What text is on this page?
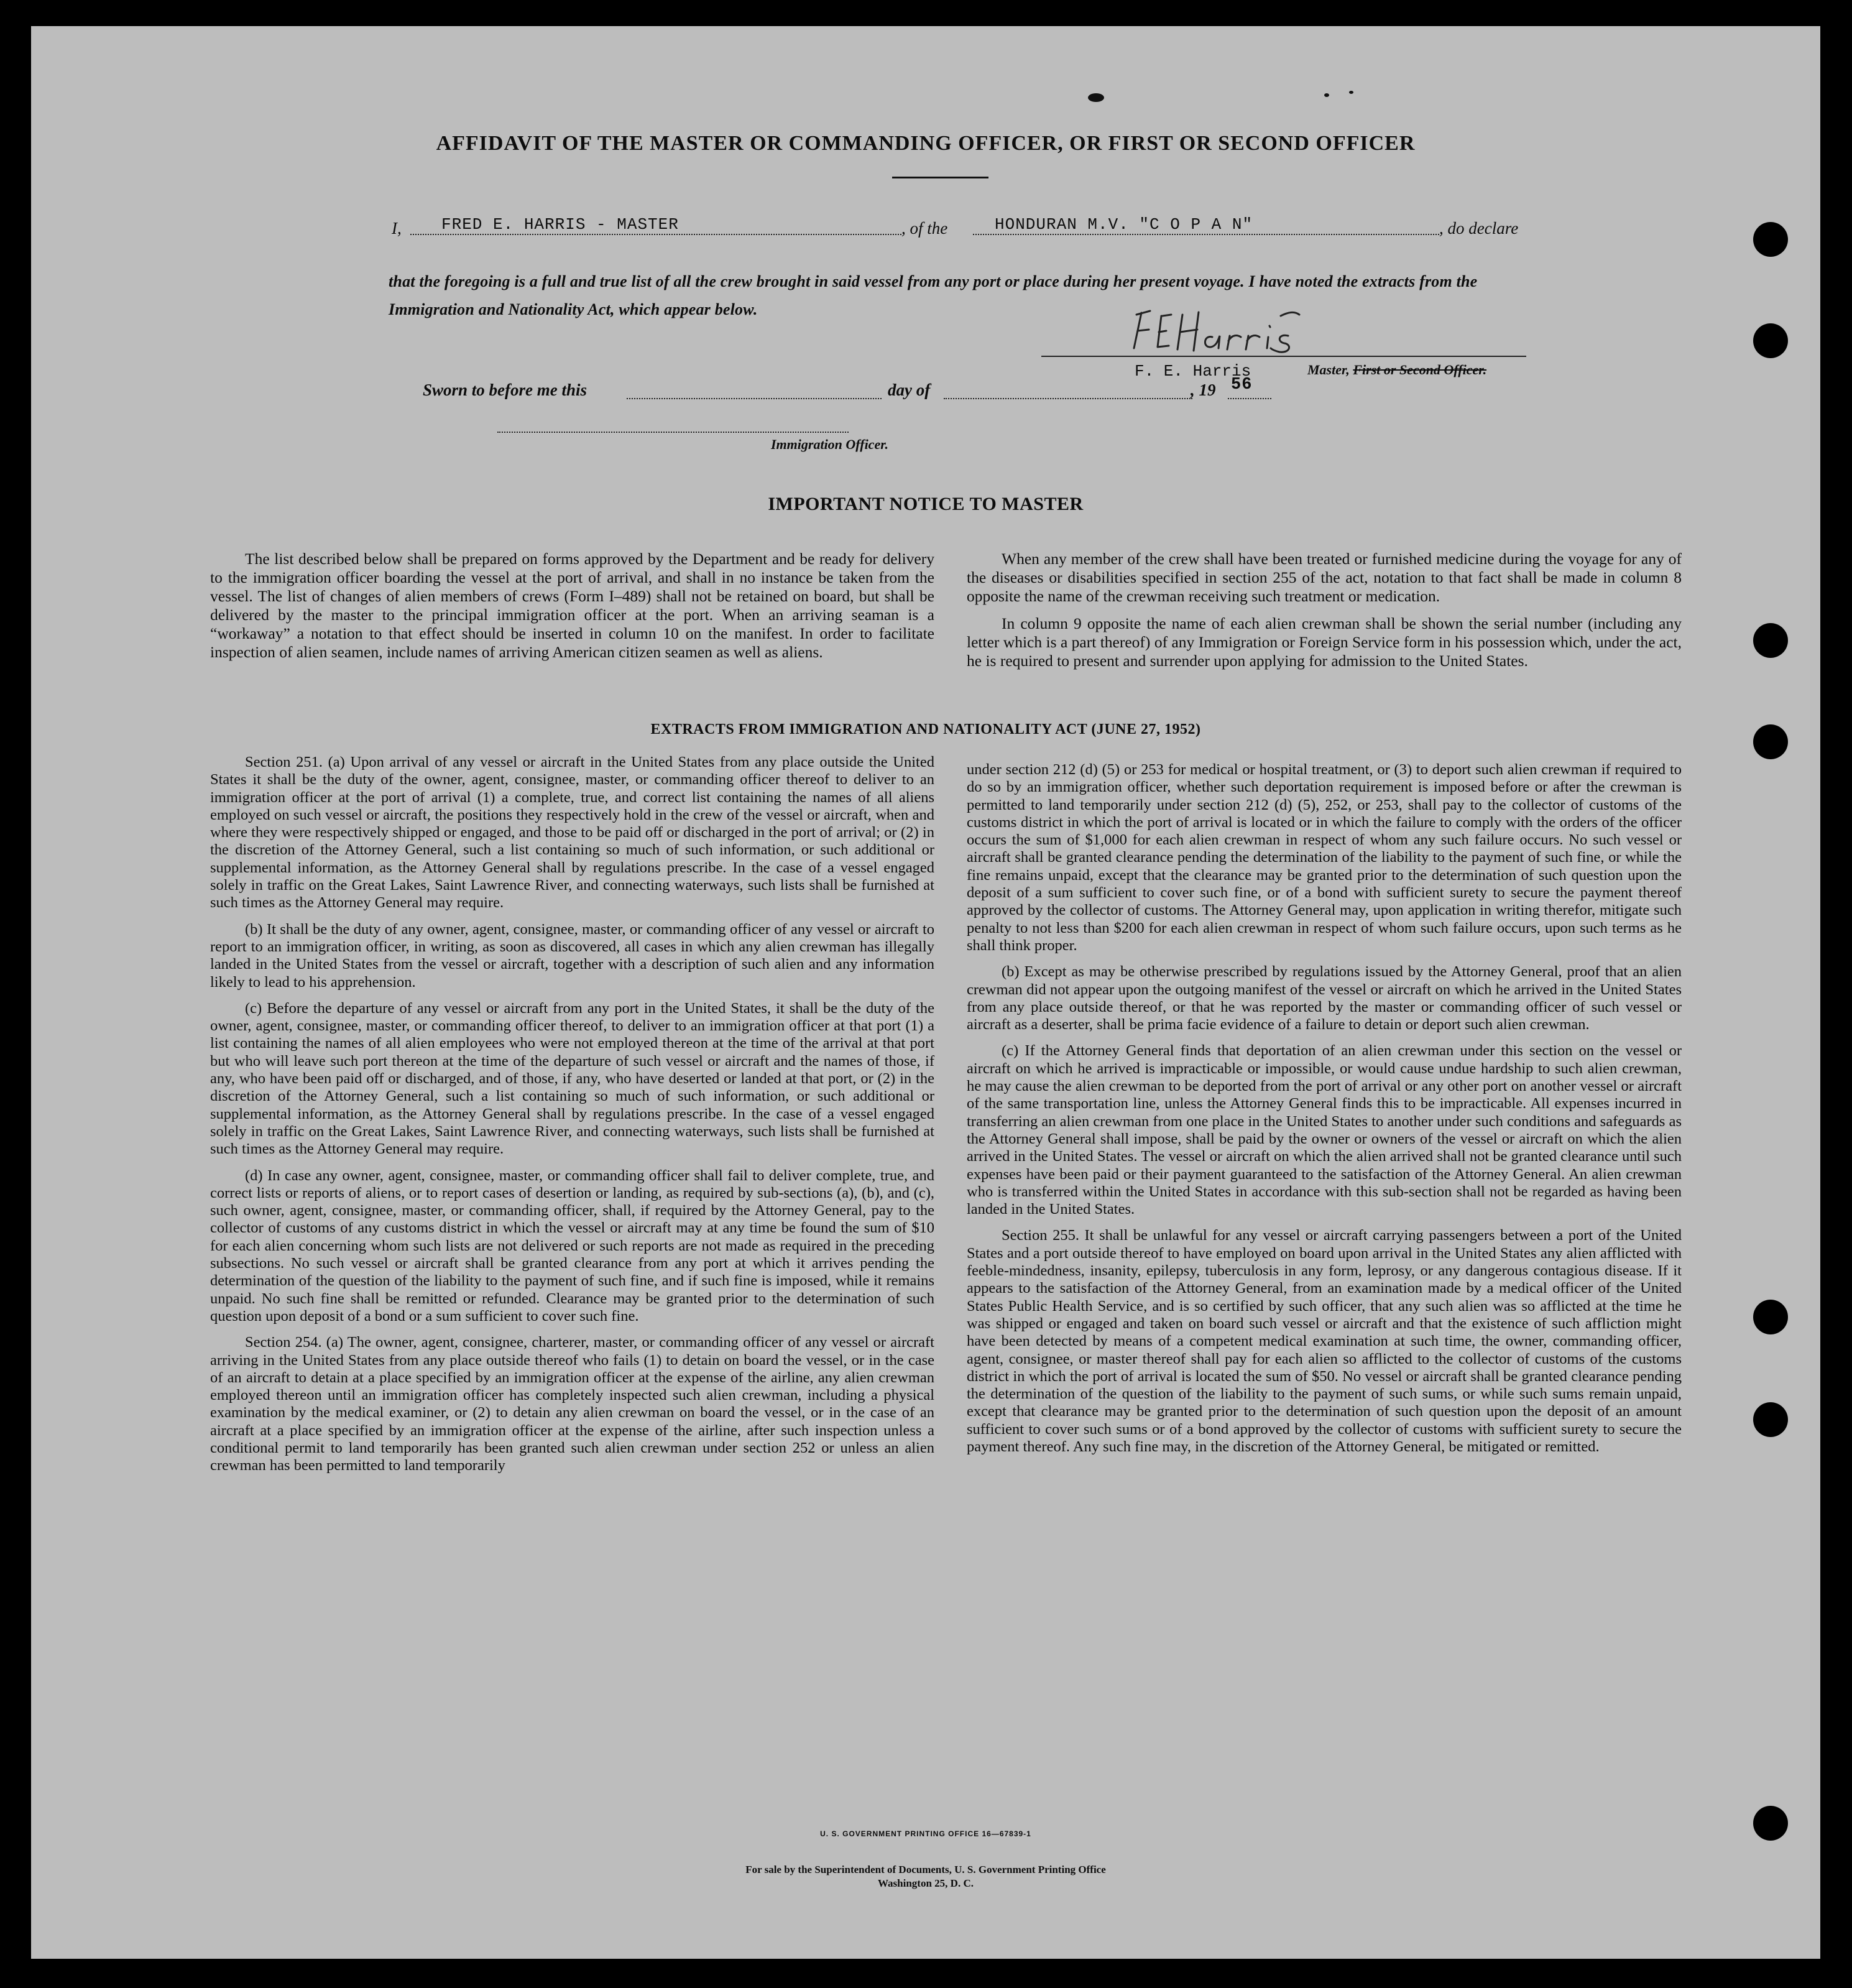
AFFIDAVIT OF THE MASTER OR COMMANDING OFFICER, OR FIRST OR SECOND OFFICER
I, FRED E. HARRIS - MASTER	, of the	HONDURAN M.V. "C O P A N"	, do declare
that the foregoing is a full and true list of all the crew brought in said vessel from any port or place during her present voyage. I have noted the extracts from the Immigration and Nationality Act, which appear below.
F. E. Harris	Master, First or Second Officer.
Sworn to before me this	day of	, 19 56
Immigration Officer.
IMPORTANT NOTICE TO MASTER

The list described below shall be prepared on forms approved by the Department and be ready for delivery to the immigration officer boarding the vessel at the port of arrival, and shall in no instance be taken from the vessel. The list of changes of alien members of crews (Form I–489) shall not be retained on board, but shall be delivered by the master to the principal immigration officer at the port. When an arriving seaman is a “workaway” a notation to that effect should be inserted in column 10 on the manifest. In order to facilitate inspection of alien seamen, include names of arriving American citizen seamen as well as aliens.

When any member of the crew shall have been treated or furnished medicine during the voyage for any of the diseases or disabilities specified in section 255 of the act, notation to that fact shall be made in column 8 opposite the name of the crewman receiving such treatment or medication.

In column 9 opposite the name of each alien crewman shall be shown the serial number (including any letter which is a part thereof) of any Immigration or Foreign Service form in his possession which, under the act, he is required to present and surrender upon applying for admission to the United States.

EXTRACTS FROM IMMIGRATION AND NATIONALITY ACT (JUNE 27, 1952)

Section 251. (a) Upon arrival of any vessel or aircraft in the United States from any place outside the United States it shall be the duty of the owner, agent, consignee, master, or commanding officer thereof to deliver to an immigration officer at the port of arrival (1) a complete, true, and correct list containing the names of all aliens employed on such vessel or aircraft, the positions they respectively hold in the crew of the vessel or aircraft, when and where they were respectively shipped or engaged, and those to be paid off or discharged in the port of arrival; or (2) in the discretion of the Attorney General, such a list containing so much of such information, or such additional or supplemental information, as the Attorney General shall by regulations prescribe. In the case of a vessel engaged solely in traffic on the Great Lakes, Saint Lawrence River, and connecting waterways, such lists shall be furnished at such times as the Attorney General may require.

(b) It shall be the duty of any owner, agent, consignee, master, or commanding officer of any vessel or aircraft to report to an immigration officer, in writing, as soon as discovered, all cases in which any alien crewman has illegally landed in the United States from the vessel or aircraft, together with a description of such alien and any information likely to lead to his apprehension.

(c) Before the departure of any vessel or aircraft from any port in the United States, it shall be the duty of the owner, agent, consignee, master, or commanding officer thereof, to deliver to an immigration officer at that port (1) a list containing the names of all alien employees who were not employed thereon at the time of the arrival at that port but who will leave such port thereon at the time of the departure of such vessel or aircraft and the names of those, if any, who have been paid off or discharged, and of those, if any, who have deserted or landed at that port, or (2) in the discretion of the Attorney General, such a list containing so much of such information, or such additional or supplemental information, as the Attorney General shall by regulations prescribe. In the case of a vessel engaged solely in traffic on the Great Lakes, Saint Lawrence River, and connecting waterways, such lists shall be furnished at such times as the Attorney General may require.

(d) In case any owner, agent, consignee, master, or commanding officer shall fail to deliver complete, true, and correct lists or reports of aliens, or to report cases of desertion or landing, as required by sub-sections (a), (b), and (c), such owner, agent, consignee, master, or commanding officer, shall, if required by the Attorney General, pay to the collector of customs of any customs district in which the vessel or aircraft may at any time be found the sum of $10 for each alien concerning whom such lists are not delivered or such reports are not made as required in the preceding subsections. No such vessel or aircraft shall be granted clearance from any port at which it arrives pending the determination of the question of the liability to the payment of such fine, and if such fine is imposed, while it remains unpaid. No such fine shall be remitted or refunded. Clearance may be granted prior to the determination of such question upon deposit of a bond or a sum sufficient to cover such fine.

Section 254. (a) The owner, agent, consignee, charterer, master, or commanding officer of any vessel or aircraft arriving in the United States from any place outside thereof who fails (1) to detain on board the vessel, or in the case of an aircraft to detain at a place specified by an immigration officer at the expense of the airline, any alien crewman employed thereon until an immigration officer has completely inspected such alien crewman, including a physical examination by the medical examiner, or (2) to detain any alien crewman on board the vessel, or in the case of an aircraft at a place specified by an immigration officer at the expense of the airline, after such inspection unless a conditional permit to land temporarily has been granted such alien crewman under section 252 or unless an alien crewman has been permitted to land temporarily

under section 212 (d) (5) or 253 for medical or hospital treatment, or (3) to deport such alien crewman if required to do so by an immigration officer, whether such deportation requirement is imposed before or after the crewman is permitted to land temporarily under section 212 (d) (5), 252, or 253, shall pay to the collector of customs of the customs district in which the port of arrival is located or in which the failure to comply with the orders of the officer occurs the sum of $1,000 for each alien crewman in respect of whom any such failure occurs. No such vessel or aircraft shall be granted clearance pending the determination of the liability to the payment of such fine, or while the fine remains unpaid, except that the clearance may be granted prior to the determination of such question upon the deposit of a sum sufficient to cover such fine, or of a bond with sufficient surety to secure the payment thereof approved by the collector of customs. The Attorney General may, upon application in writing therefor, mitigate such penalty to not less than $200 for each alien crewman in respect of whom such failure occurs, upon such terms as he shall think proper.

(b) Except as may be otherwise prescribed by regulations issued by the Attorney General, proof that an alien crewman did not appear upon the outgoing manifest of the vessel or aircraft on which he arrived in the United States from any place outside thereof, or that he was reported by the master or commanding officer of such vessel or aircraft as a deserter, shall be prima facie evidence of a failure to detain or deport such alien crewman.

(c) If the Attorney General finds that deportation of an alien crewman under this section on the vessel or aircraft on which he arrived is impracticable or impossible, or would cause undue hardship to such alien crewman, he may cause the alien crewman to be deported from the port of arrival or any other port on another vessel or aircraft of the same transportation line, unless the Attorney General finds this to be impracticable. All expenses incurred in transferring an alien crewman from one place in the United States to another under such conditions and safeguards as the Attorney General shall impose, shall be paid by the owner or owners of the vessel or aircraft on which the alien arrived in the United States. The vessel or aircraft on which the alien arrived shall not be granted clearance until such expenses have been paid or their payment guaranteed to the satisfaction of the Attorney General. An alien crewman who is transferred within the United States in accordance with this sub-section shall not be regarded as having been landed in the United States.

Section 255. It shall be unlawful for any vessel or aircraft carrying passengers between a port of the United States and a port outside thereof to have employed on board upon arrival in the United States any alien afflicted with feeble-mindedness, insanity, epilepsy, tuberculosis in any form, leprosy, or any dangerous contagious disease. If it appears to the satisfaction of the Attorney General, from an examination made by a medical officer of the United States Public Health Service, and is so certified by such officer, that any such alien was so afflicted at the time he was shipped or engaged and taken on board such vessel or aircraft and that the existence of such affliction might have been detected by means of a competent medical examination at such time, the owner, commanding officer, agent, consignee, or master thereof shall pay for each alien so afflicted to the collector of customs of the customs district in which the port of arrival is located the sum of $50. No vessel or aircraft shall be granted clearance pending the determination of the question of the liability to the payment of such sums, or while such sums remain unpaid, except that clearance may be granted prior to the determination of such question upon the deposit of an amount sufficient to cover such sums or of a bond approved by the collector of customs with sufficient surety to secure the payment thereof. Any such fine may, in the discretion of the Attorney General, be mitigated or remitted.

U. S. GOVERNMENT PRINTING OFFICE 16—67839-1
For sale by the Superintendent of Documents, U. S. Government Printing Office
Washington 25, D. C.
